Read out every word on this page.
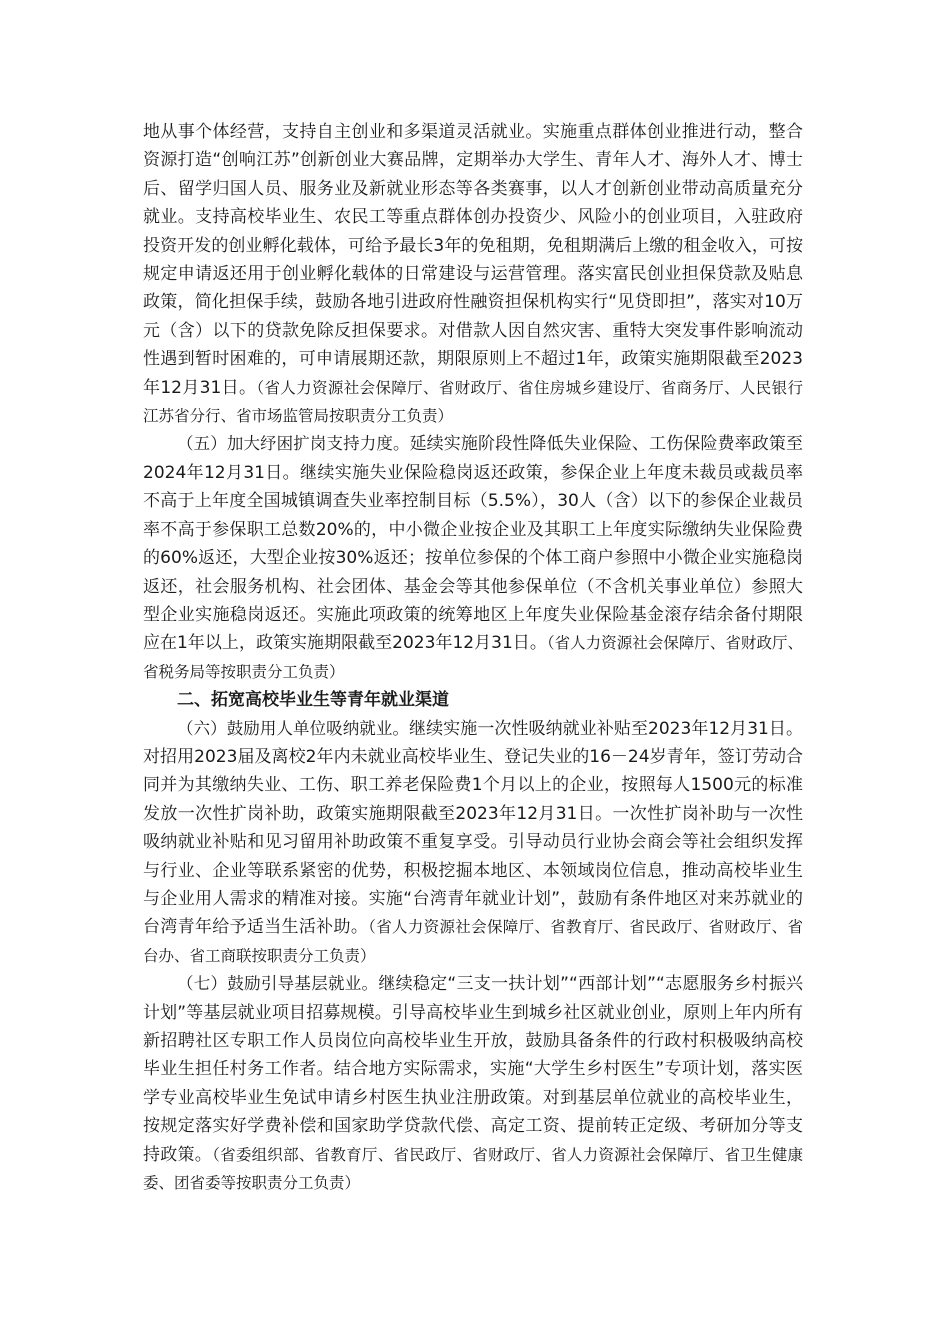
地从事个体经营，支持自主创业和多渠道灵活就业。实施重点群体创业推进行动，整合资源打造“创响江苏”创新创业大赛品牌，定期举办大学生、青年人才、海外人才、博士后、留学归国人员、服务业及新就业形态等各类赛事，以人才创新创业带动高质量充分就业。支持高校毕业生、农民工等重点群体创办投资少、风险小的创业项目，入驻政府投资开发的创业孵化载体，可给予最长3年的免租期，免租期满后上缴的租金收入，可按规定申请返还用于创业孵化载体的日常建设与运营管理。落实富民创业担保贷款及贴息政策，简化担保手续，鼓励各地引进政府性融资担保机构实行“见贷即担”，落实对10万元（含）以下的贷款免除反担保要求。对借款人因自然灾害、重特大突发事件影响流动性遇到暂时困难的，可申请展期还款，期限原则上不超过1年，政策实施期限截至2023年12月31日。（省人力资源社会保障厅、省财政厅、省住房城乡建设厅、省商务厅、人民银行江苏省分行、省市场监管局按职责分工负责）

（五）加大纾困扩岗支持力度。延续实施阶段性降低失业保险、工伤保险费率政策至2024年12月31日。继续实施失业保险稳岗返还政策，参保企业上年度未裁员或裁员率不高于上年度全国城镇调查失业率控制目标（5.5%），30人（含）以下的参保企业裁员率不高于参保职工总数20%的，中小微企业按企业及其职工上年度实际缴纳失业保险费的60%返还，大型企业按30%返还；按单位参保的个体工商户参照中小微企业实施稳岗返还，社会服务机构、社会团体、基金会等其他参保单位（不含机关事业单位）参照大型企业实施稳岗返还。实施此项政策的统筹地区上年度失业保险基金滚存结余备付期限应在1年以上，政策实施期限截至2023年12月31日。（省人力资源社会保障厅、省财政厅、省税务局等按职责分工负责）

二、拓宽高校毕业生等青年就业渠道

（六）鼓励用人单位吸纳就业。继续实施一次性吸纳就业补贴至2023年12月31日。对招用2023届及离校2年内未就业高校毕业生、登记失业的16－24岁青年，签订劳动合同并为其缴纳失业、工伤、职工养老保险费1个月以上的企业，按照每人1500元的标准发放一次性扩岗补助，政策实施期限截至2023年12月31日。一次性扩岗补助与一次性吸纳就业补贴和见习留用补助政策不重复享受。引导动员行业协会商会等社会组织发挥与行业、企业等联系紧密的优势，积极挖掘本地区、本领域岗位信息，推动高校毕业生与企业用人需求的精准对接。实施“台湾青年就业计划”，鼓励有条件地区对来苏就业的台湾青年给予适当生活补助。（省人力资源社会保障厅、省教育厅、省民政厅、省财政厅、省台办、省工商联按职责分工负责）

（七）鼓励引导基层就业。继续稳定“三支一扶计划”“西部计划”“志愿服务乡村振兴计划”等基层就业项目招募规模。引导高校毕业生到城乡社区就业创业，原则上年内所有新招聘社区专职工作人员岗位向高校毕业生开放，鼓励具备条件的行政村积极吸纳高校毕业生担任村务工作者。结合地方实际需求，实施“大学生乡村医生”专项计划，落实医学专业高校毕业生免试申请乡村医生执业注册政策。对到基层单位就业的高校毕业生，按规定落实好学费补偿和国家助学贷款代偿、高定工资、提前转正定级、考研加分等支持政策。（省委组织部、省教育厅、省民政厅、省财政厅、省人力资源社会保障厅、省卫生健康委、团省委等按职责分工负责）
